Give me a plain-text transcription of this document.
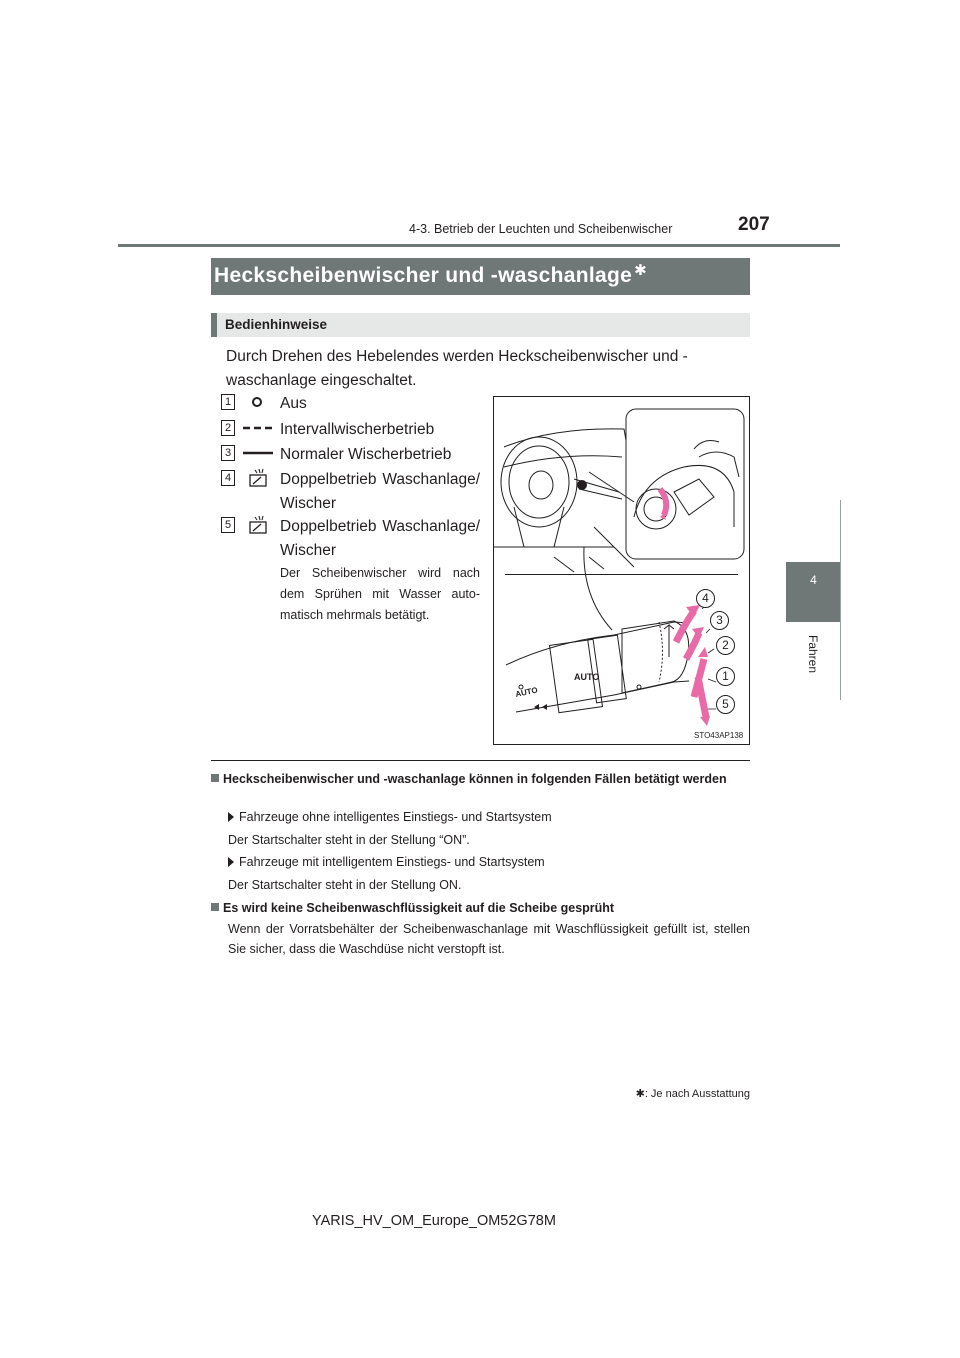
4-3. Betrieb der Leuchten und Scheibenwischer	207
4
Fahren
Heckscheibenwischer und -waschanlage ✱
Bedienhinweise
Durch Drehen des Hebelendes werden Heckscheibenwischer und -waschanlage eingeschaltet.
1	Aus
2	Intervallwischerbetrieb
3	Normaler Wischerbetrieb
4	Doppelbetrieb Waschanlage/ Wischer
5	Doppelbetrieb Waschanlage/ Wischer
Der Scheibenwischer wird nach dem Sprühen mit Wasser automatisch mehrmals betätigt.
AUTO
AUTO
4
3
2
1
5
STO43AP138
Heckscheibenwischer und -waschanlage können in folgenden Fällen betätigt werden
Fahrzeuge ohne intelligentes Einstiegs- und Startsystem
Der Startschalter steht in der Stellung “ON”.
Fahrzeuge mit intelligentem Einstiegs- und Startsystem
Der Startschalter steht in der Stellung ON.
Es wird keine Scheibenwaschflüssigkeit auf die Scheibe gesprüht
Wenn der Vorratsbehälter der Scheibenwaschanlage mit Waschflüssigkeit gefüllt ist, stellen Sie sicher, dass die Waschdüse nicht verstopft ist.
✱: Je nach Ausstattung
YARIS_HV_OM_Europe_OM52G78M
